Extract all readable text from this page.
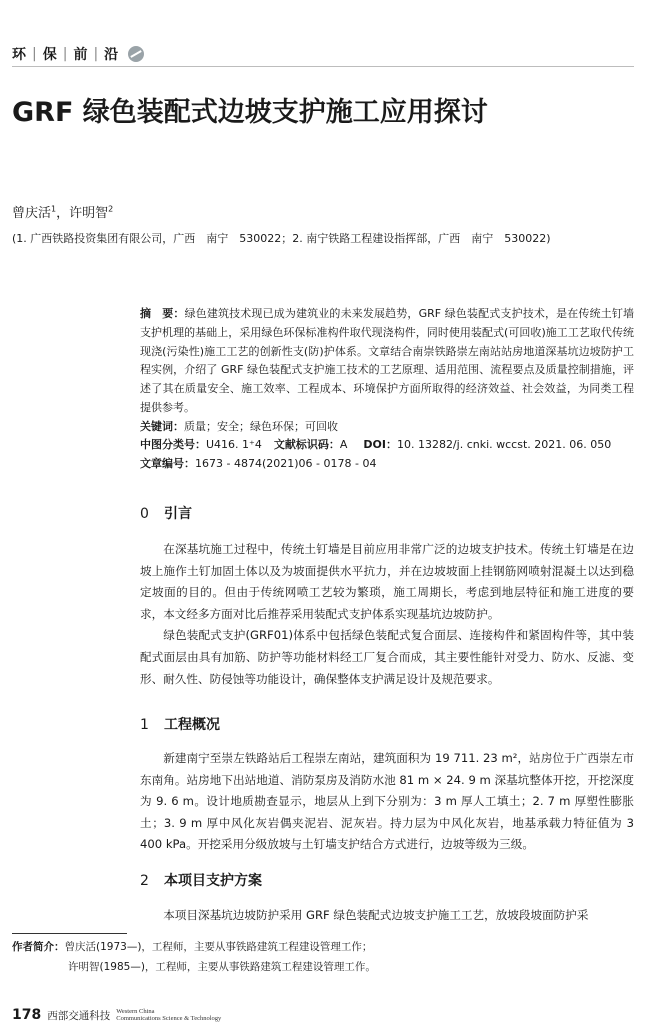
环 | 保 | 前 | 沿
GRF 绿色装配式边坡支护施工应用探讨
曾庆活$^1$，许明智$^2$
(1. 广西铁路投资集团有限公司，广西　南宁　530022；2. 南宁铁路工程建设指挥部，广西　南宁　530022)
摘　要：绿色建筑技术现已成为建筑业的未来发展趋势，GRF 绿色装配式支护技术，是在传统土钉墙支护机理的基础上，采用绿色环保标准构件取代现浇构件，同时使用装配式(可回收)施工工艺取代传统现浇(污染性)施工工艺的创新性支(防)护体系。文章结合南崇铁路崇左南站站房地道深基坑边坡防护工程实例，介绍了 GRF 绿色装配式支护施工技术的工艺原理、适用范围、流程要点及质量控制措施，评述了其在质量安全、施工效率、工程成本、环境保护方面所取得的经济效益、社会效益，为同类工程提供参考。
关键词：质量；安全；绿色环保；可回收
中图分类号：U416. 1⁺4 文献标识码：A DOI：10. 13282/j. cnki. wccst. 2021. 06. 050
文章编号：1673 - 4874(2021)06 - 0178 - 04
0 引言

在深基坑施工过程中，传统土钉墙是目前应用非常广泛的边坡支护技术。传统土钉墙是在边坡上施作土钉加固土体以及为坡面提供水平抗力，并在边坡坡面上挂钢筋网喷射混凝土以达到稳定坡面的目的。但由于传统网喷工艺较为繁琐，施工周期长，考虑到地层特征和施工进度的要求，本文经多方面对比后推荐采用装配式支护体系实现基坑边坡防护。

绿色装配式支护(GRF01)体系中包括绿色装配式复合面层、连接构件和紧固构件等，其中装配式面层由具有加筋、防护等功能材料经工厂复合而成，其主要性能针对受力、防水、反滤、变形、耐久性、防侵蚀等功能设计，确保整体支护满足设计及规范要求。

1 工程概况

新建南宁至崇左铁路站后工程崇左南站，建筑面积为 19 711. 23 m²，站房位于广西崇左市东南角。站房地下出站地道、消防泵房及消防水池 81 m × 24. 9 m 深基坑整体开挖，开挖深度为 9. 6 m。设计地质勘查显示，地层从上到下分别为：3 m 厚人工填土；2. 7 m 厚塑性膨胀土；3. 9 m 厚中风化灰岩偶夹泥岩、泥灰岩。持力层为中风化灰岩，地基承载力特征值为 3 400 kPa。开挖采用分级放坡与土钉墙支护结合方式进行，边坡等级为三级。

2 本项目支护方案

本项目深基坑边坡防护采用 GRF 绿色装配式边坡支护施工工艺，放坡段坡面防护采

作者简介：曾庆活(1973—)，工程师，主要从事铁路建筑工程建设管理工作；
许明智(1985—)，工程师，主要从事铁路建筑工程建设管理工作。
178 西部交通科技 Western China
Communications Science & Technology
